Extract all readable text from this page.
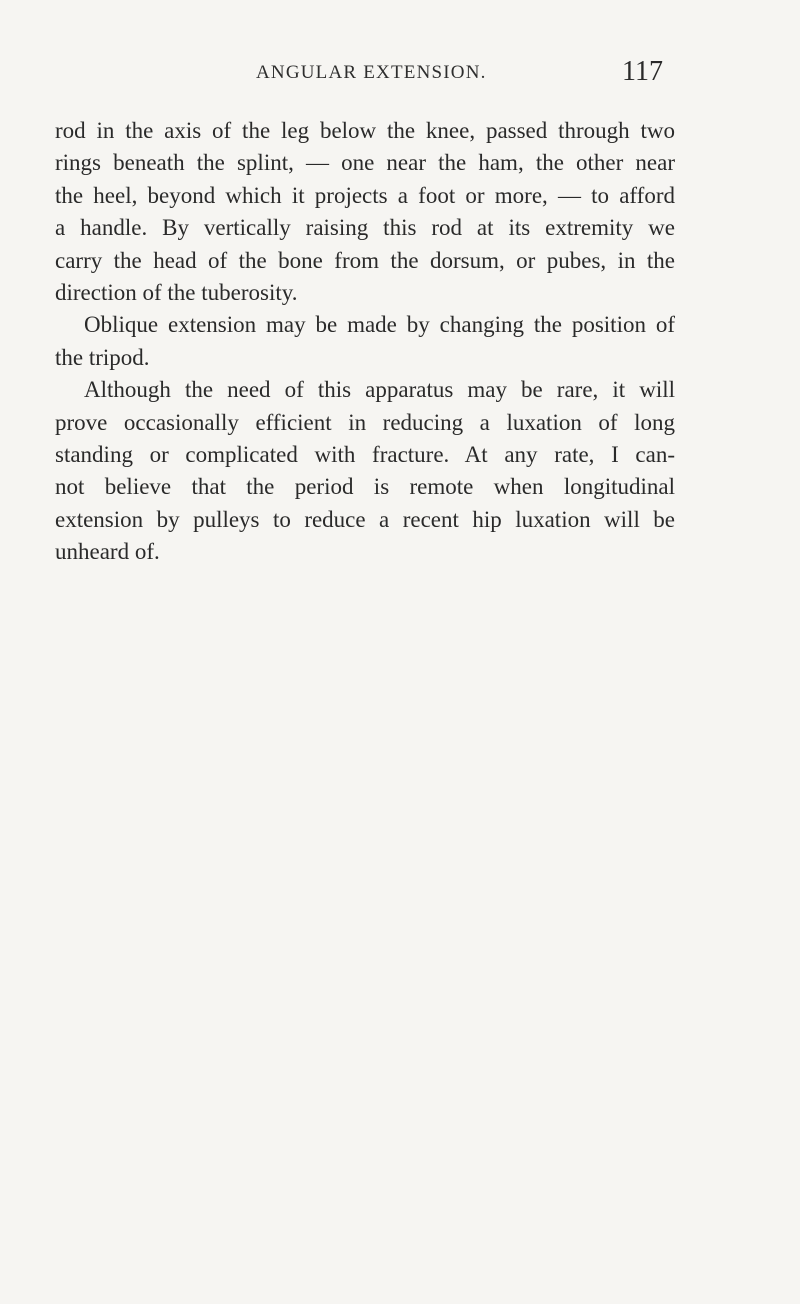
ANGULAR EXTENSION.	117
rod in the axis of the leg below the knee, passed through two
rings beneath the splint, — one near the ham, the other near
the heel, beyond which it projects a foot or more, — to afford
a handle. By vertically raising this rod at its extremity we
carry the head of the bone from the dorsum, or pubes, in the
direction of the tuberosity.
Oblique extension may be made by changing the position of
the tripod.
Although the need of this apparatus may be rare, it will
prove occasionally efficient in reducing a luxation of long
standing or complicated with fracture. At any rate, I can-
not believe that the period is remote when longitudinal
extension by pulleys to reduce a recent hip luxation will be
unheard of.
